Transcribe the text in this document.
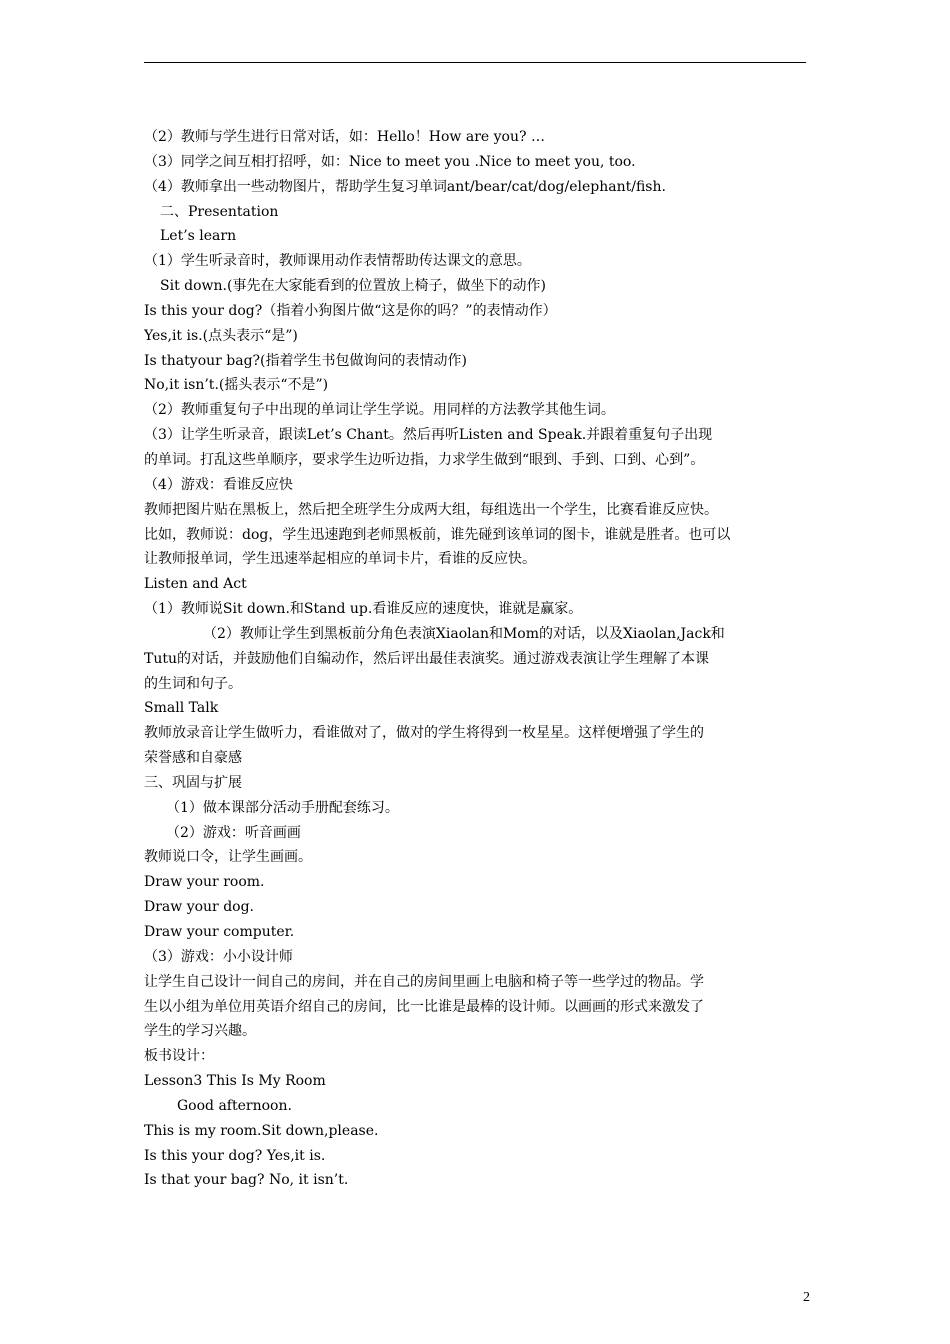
（2）教师与学生进行日常对话，如：Hello！How are you? …
（3）同学之间互相打招呼，如：Nice to meet you .Nice to meet you, too.
（4）教师拿出一些动物图片，帮助学生复习单词ant/bear/cat/dog/elephant/fish.
二、Presentation
Let’s learn
（1）学生听录音时，教师课用动作表情帮助传达课文的意思。
Sit down.(事先在大家能看到的位置放上椅子，做坐下的动作)
Is this your dog?（指着小狗图片做“这是你的吗？”的表情动作）
Yes,it is.(点头表示“是”)
Is thatyour bag?(指着学生书包做询问的表情动作)
No,it isn’t.(摇头表示“不是”)
（2）教师重复句子中出现的单词让学生学说。用同样的方法教学其他生词。
（3）让学生听录音，跟读Let’s Chant。然后再听Listen and Speak.并跟着重复句子出现
的单词。打乱这些单顺序，要求学生边听边指，力求学生做到“眼到、手到、口到、心到”。
（4）游戏：看谁反应快
教师把图片贴在黑板上，然后把全班学生分成两大组，每组选出一个学生，比赛看谁反应快。
比如，教师说：dog，学生迅速跑到老师黑板前，谁先碰到该单词的图卡，谁就是胜者。也可以
让教师报单词，学生迅速举起相应的单词卡片，看谁的反应快。
Listen and Act
（1）教师说Sit down.和Stand up.看谁反应的速度快，谁就是赢家。
（2）教师让学生到黑板前分角色表演Xiaolan和Mom的对话，以及Xiaolan,Jack和
Tutu的对话，并鼓励他们自编动作，然后评出最佳表演奖。通过游戏表演让学生理解了本课
的生词和句子。
Small Talk
教师放录音让学生做听力，看谁做对了，做对的学生将得到一枚星星。这样便增强了学生的
荣誉感和自豪感
三、巩固与扩展
（1）做本课部分活动手册配套练习。
（2）游戏：听音画画
教师说口令，让学生画画。
Draw your room.
Draw your dog.
Draw your computer.
（3）游戏：小小设计师
让学生自己设计一间自己的房间，并在自己的房间里画上电脑和椅子等一些学过的物品。学
生以小组为单位用英语介绍自己的房间，比一比谁是最棒的设计师。以画画的形式来激发了
学生的学习兴趣。
板书设计：
Lesson3 This Is My Room
Good afternoon.
This is my room.Sit down,please.
Is this your dog? Yes,it is.
Is that your bag? No, it isn’t.
2
